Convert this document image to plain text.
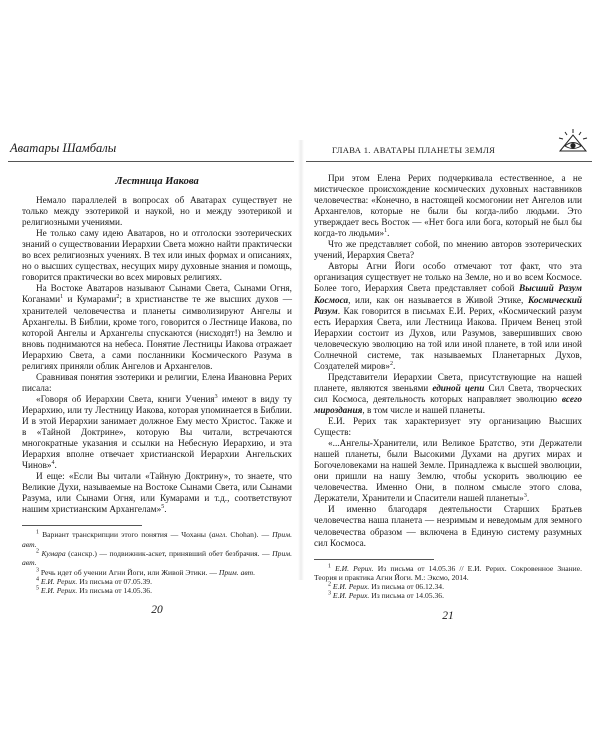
Аватары Шамбалы
Лестница Иакова

Немало параллелей в вопросах об Аватарах существует не только между эзотерикой и наукой, но и между эзотерикой и религиозными учениями.

Не только саму идею Аватаров, но и отголоски эзотерических знаний о существовании Иерархии Света можно найти практически во всех религиозных учениях. В тех или иных формах и описаниях, но о высших существах, несущих миру духовные знания и помощь, говорится практически во всех мировых религиях.

На Востоке Аватаров называют Сынами Света, Сынами Огня, Коганами$^1$ и Кумарами$^2$; в христианстве те же высших духов — хранителей человечества и планеты символизируют Ангелы и Архангелы. В Библии, кроме того, говорится о Лестнице Иакова, по которой Ангелы и Архангелы спускаются (нисходят!) на Землю и вновь поднимаются на небеса. Понятие Лестницы Иакова отражает Иерархию Света, а сами посланники Космического Разума в религиях приняли облик Ангелов и Архангелов.

Сравнивая понятия эзотерики и религии, Елена Ивановна Рерих писала:

«Говоря об Иерархии Света, книги Учения$^3$ имеют в виду ту Иерархию, или ту Лестницу Иакова, которая упоминается в Библии. И в этой Иерархии занимает должное Ему место Христос. Также и в «Тайной Доктрине», которую Вы читали, встречаются многократные указания и ссылки на Небесную Иерархию, и эта Иерархия вполне отвечает христианской Иерархии Ангельских Чинов»$^4$.

И еще: «Если Вы читали «Тайную Доктрину», то знаете, что Великие Духи, называемые на Востоке Сынами Света, или Сынами Разума, или Сынами Огня, или Кумарами и т.д., соответствуют нашим христианским Архангелам»$^5$.

$^1$ Вариант транскрипции этого понятия — Чоханы (англ. Chohan). — Прим. авт.

$^2$ Кумара (санскр.) — подвижник-аскет, принявший обет безбрачия. — Прим. авт.

$^3$ Речь идет об учении Агни Йоги, или Живой Этики. — Прим. авт.

$^4$ Е.И. Рерих. Из письма от 07.05.39.

$^5$ Е.И. Рерих. Из письма от 14.05.36.

20
ГЛАВА 1. АВАТАРЫ ПЛАНЕТЫ ЗЕМЛЯ

При этом Елена Рерих подчеркивала естественное, а не мистическое происхождение космических духовных наставников человечества: «Конечно, в настоящей космогонии нет Ангелов или Архангелов, которые не были бы когда-либо людьми. Это утверждает весь Восток — «Нет бога или бога, который не был бы когда-то людьми»$^1$.

Что же представляет собой, по мнению авторов эзотерических учений, Иерархия Света?

Авторы Агни Йоги особо отмечают тот факт, что эта организация существует не только на Земле, но и во всем Космосе. Более того, Иерархия Света представляет собой Высший Разум Космоса, или, как он называется в Живой Этике, Космический Разум. Как говорится в письмах Е.И. Рерих, «Космический разум есть Иерархия Света, или Лестница Иакова. Причем Венец этой Иерархии состоит из Духов, или Разумов, завершивших свою человеческую эволюцию на той или иной планете, в той или иной Солнечной системе, так называемых Планетарных Духов, Создателей миров»$^2$.

Представители Иерархии Света, присутствующие на нашей планете, являются звеньями единой цепи Сил Света, творческих сил Космоса, деятельность которых направляет эволюцию всего мироздания, в том числе и нашей планеты.

Е.И. Рерих так характеризует эту организацию Высших Существ:

«...Ангелы-Хранители, или Великое Братство, эти Держатели нашей планеты, были Высокими Духами на других мирах и Богочеловеками на нашей Земле. Принадлежа к высшей эволюции, они пришли на нашу Землю, чтобы ускорить эволюцию ее человечества. Именно Они, в полном смысле этого слова, Держатели, Хранители и Спасители нашей планеты»$^3$.

И именно благодаря деятельности Старших Братьев человечества наша планета — незримым и неведомым для земного человечества образом — включена в Единую систему разумных сил Космоса.

$^1$ Е.И. Рерих. Из письма от 14.05.36 // Е.И. Рерих. Сокровенное Знание. Теория и практика Агни Йоги. М.: Эксмо, 2014.

$^2$ Е.И. Рерих. Из письма от 06.12.34.

$^3$ Е.И. Рерих. Из письма от 14.05.36.

21
